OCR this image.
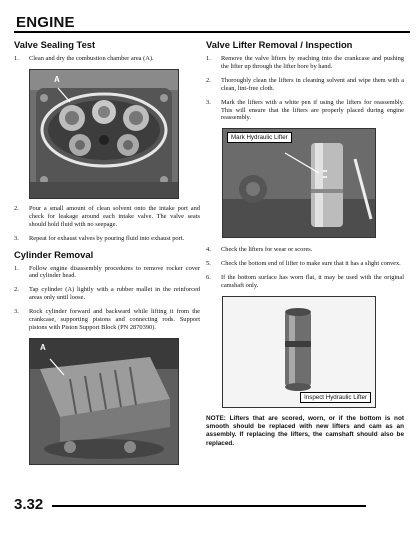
ENGINE
Valve Sealing Test
1. Clean and dry the combustion chamber area (A).
A
2. Pour a small amount of clean solvent onto the intake port and check for leakage around each intake valve. The valve seats should hold fluid with no seepage.
3. Repeat for exhaust valves by pouring fluid into exhaust port.
Cylinder Removal
1. Follow engine disassembly procedures to remove rocker cover and cylinder head.
2. Tap cylinder (A) lightly with a rubber mallet in the reinforced areas only until loose.
3. Rock cylinder forward and backward while lifting it from the crankcase, supporting pistons and connecting rods. Support pistons with Piston Support Block (PN 2870390).
A
Valve Lifter Removal / Inspection
1. Remove the valve lifters by reaching into the crankcase and pushing the lifter up through the lifter bore by hand.
2. Thoroughly clean the lifters in cleaning solvent and wipe them with a clean, lint-free cloth.
3. Mark the lifters with a white pen if using the lifters for reassembly. This will ensure that the lifters are properly placed during engine reassembly.
Mark Hydraulic Lifter
4. Check the lifters for wear or scores.
5. Check the bottom end of lifter to make sure that it has a slight convex.
6. If the bottom surface has worn flat, it may be used with the original camshaft only.
Inspect Hydraulic Lifter
NOTE: Lifters that are scored, worn, or if the bottom is not smooth should be replaced with new lifters and cam as an assembly. If replacing the lifters, the camshaft should also be replaced.
3.32
